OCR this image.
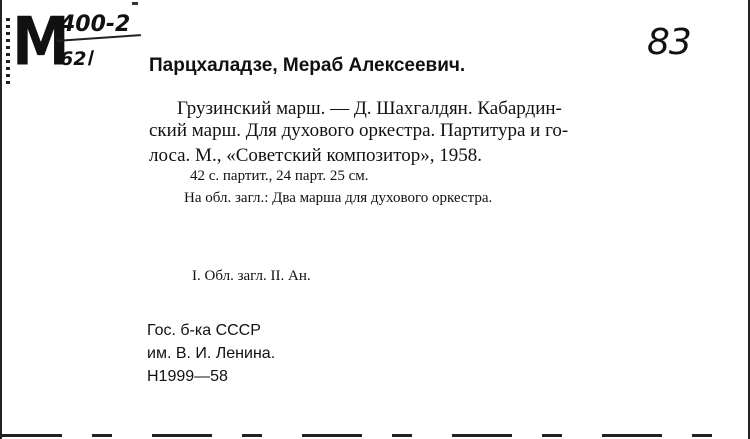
M
400-2
62ا	83
Парцхаладзе, Мераб Алексеевич.
Грузинский марш. — Д. Шахгалдян. Кабардин-
ский марш. Для духового оркестра. Партитура и го-
лоса. М., «Советский композитор», 1958.
42 с. партит., 24 парт. 25 см.
На обл. загл.: Два марша для духового оркестра.
I. Обл. загл. II. Ан.
Гос. б-ка СССР
им. В. И. Ленина.
Н1999—58
